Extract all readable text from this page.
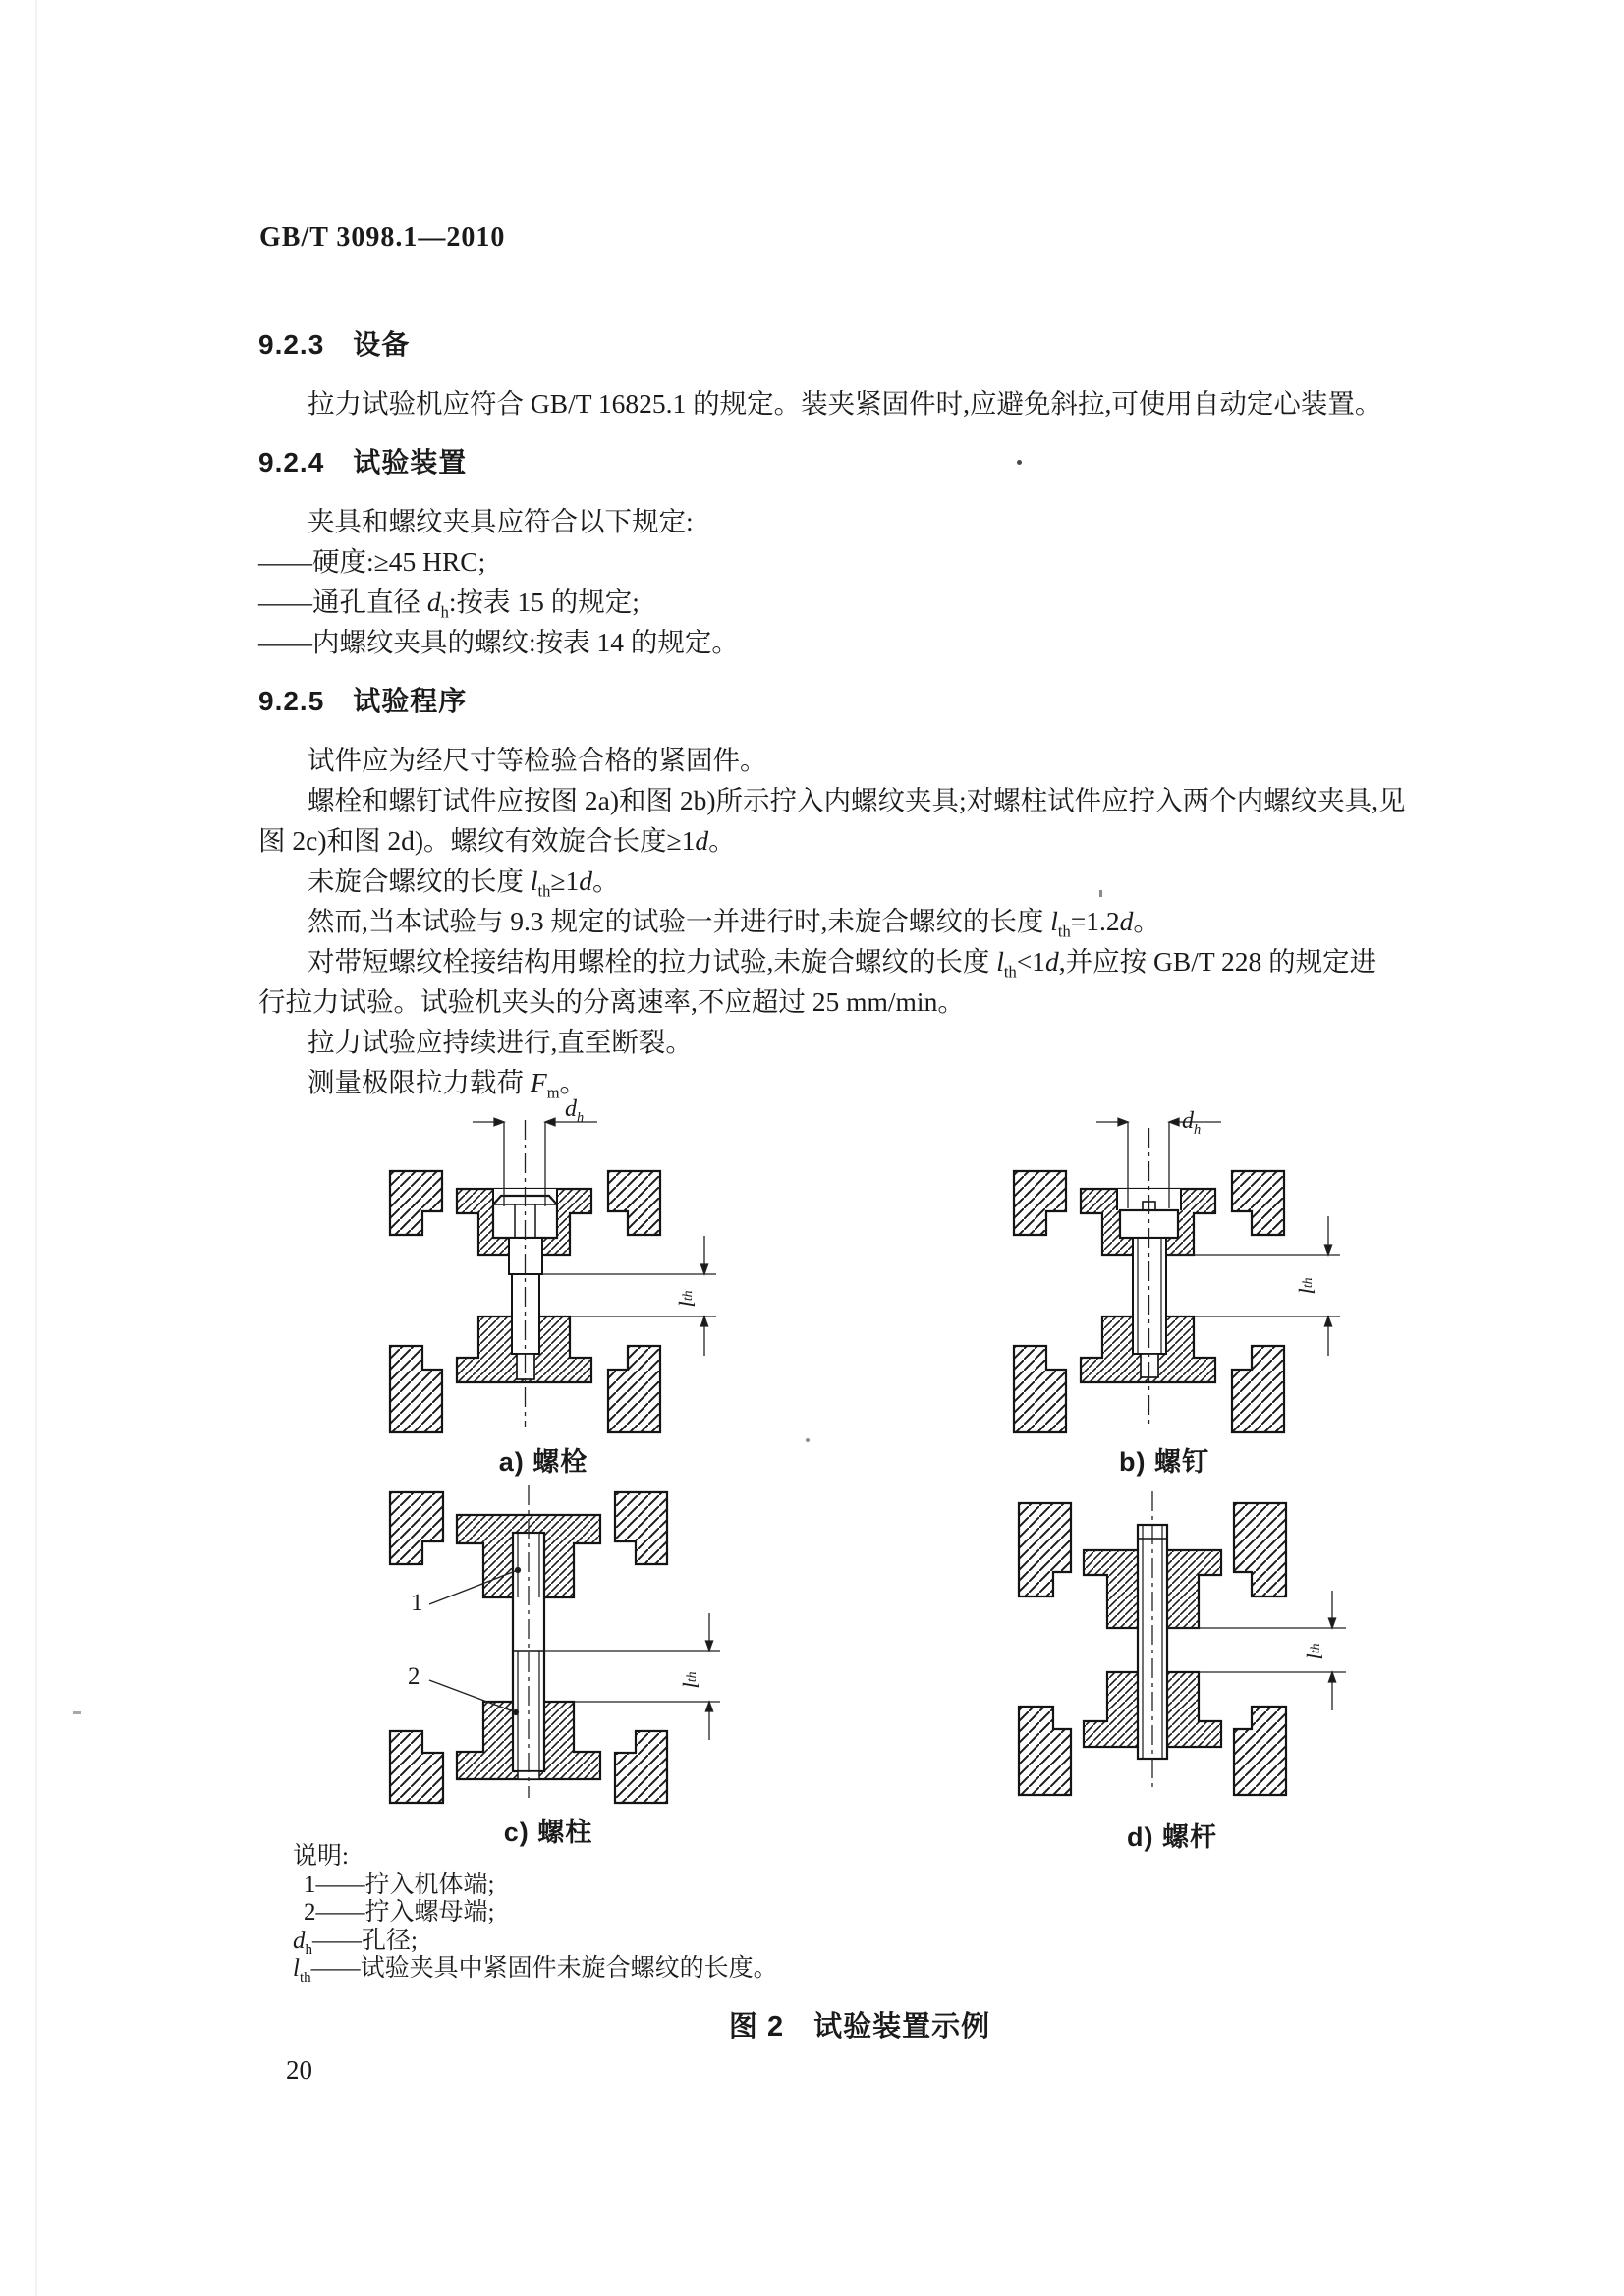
GB/T 3098.1—2010
9.2.3　设备
拉力试验机应符合 GB/T 16825.1 的规定。装夹紧固件时,应避免斜拉,可使用自动定心装置。
9.2.4　试验装置
夹具和螺纹夹具应符合以下规定:
——硬度:≥45 HRC;
——通孔直径 $d_h$:按表 15 的规定;
——内螺纹夹具的螺纹:按表 14 的规定。
9.2.5　试验程序
试件应为经尺寸等检验合格的紧固件。
螺栓和螺钉试件应按图 2a)和图 2b)所示拧入内螺纹夹具;对螺柱试件应拧入两个内螺纹夹具,见
图 2c)和图 2d)。螺纹有效旋合长度≥1d。
未旋合螺纹的长度 $l_{th}\ge 1d$。
然而,当本试验与 9.3 规定的试验一并进行时,未旋合螺纹的长度 $l_{th}=1.2d$。
对带短螺纹栓接结构用螺栓的拉力试验,未旋合螺纹的长度 $l_{th}<1d$,并应按 GB/T 228 的规定进
行拉力试验。试验机夹头的分离速率,不应超过 25 mm/min。
拉力试验应持续进行,直至断裂。
测量极限拉力载荷 $F_m$。
$d_h$
l
th
$d_h$
l
th
1
2	l
th
l
th
a) 螺栓	b) 螺钉
c) 螺柱	d) 螺杆
说明:
1——拧入机体端;
2——拧入螺母端;
$d_h——$孔径;
$l_{th}——$试验夹具中紧固件未旋合螺纹的长度。
图 2　试验装置示例
20
